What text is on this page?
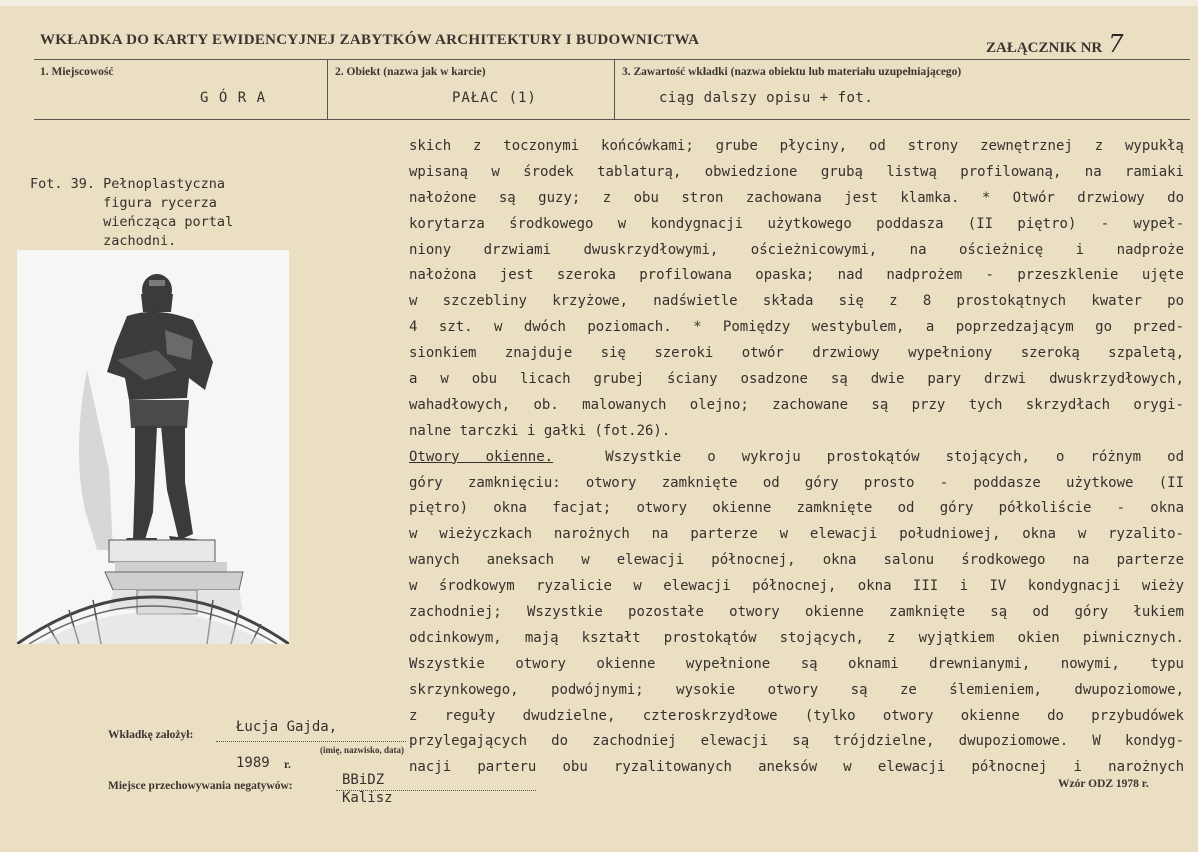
WKŁADKA DO KARTY EWIDENCYJNEJ ZABYTKÓW ARCHITEKTURY I BUDOWNICTWA	ZAŁĄCZNIK NR 7
1. Miejscowość
G Ó R A
2. Obiekt (nazwa jak w karcie)
PAŁAC (1)
3. Zawartość wkładki (nazwa obiektu lub materiału uzupełniającego)
ciąg dalszy opisu + fot.
Fot. 39. Pełnoplastyczna
figura rycerza
wieńcząca portal
zachodni.
skich z toczonymi końcówkami; grube płyciny, od strony zewnętrznej z wypukłą
wpisaną w środek tablaturą, obwiedzione grubą listwą profilowaną, na ramiaki
nałożone są guzy; z obu stron zachowana jest klamka. * Otwór drzwiowy do
korytarza środkowego w kondygnacji użytkowego poddasza (II piętro) - wypeł-
niony drzwiami dwuskrzydłowymi, ościeżnicowymi, na ościeżnicę i nadproże
nałożona jest szeroka profilowana opaska; nad nadprożem - przeszklenie ujęte
w szczebliny krzyżowe, nadświetle składa się z 8 prostokątnych kwater po
4 szt. w dwóch poziomach. * Pomiędzy westybulem, a poprzedzającym go przed-
sionkiem znajduje się szeroki otwór drzwiowy wypełniony szeroką szpaletą,
a w obu licach grubej ściany osadzone są dwie pary drzwi dwuskrzydłowych,
wahadłowych, ob. malowanych olejno; zachowane są przy tych skrzydłach orygi-
nalne tarczki i gałki (fot.26).
Otwory okienne.	Wszystkie o wykroju prostokątów stojących, o różnym od
góry zamknięciu: otwory zamknięte od góry prosto - poddasze użytkowe (II
piętro) okna facjat; otwory okienne zamknięte od góry półkoliście - okna
w wieżyczkach narożnych na parterze w elewacji południowej, okna w ryzalito-
wanych aneksach w elewacji północnej, okna salonu środkowego na parterze
w środkowym ryzalicie w elewacji północnej, okna III i IV kondygnacji wieży
zachodniej; Wszystkie pozostałe otwory okienne zamknięte są od góry łukiem
odcinkowym, mają kształt prostokątów stojących, z wyjątkiem okien piwnicznych.
Wszystkie otwory okienne wypełnione są oknami drewnianymi, nowymi, typu
skrzynkowego, podwójnymi; wysokie otwory są ze ślemieniem, dwupoziomowe,
z reguły dwudzielne, czteroskrzydłowe (tylko otwory okienne do przybudówek
przylegających do zachodniej elewacji są trójdzielne, dwupoziomowe. W kondyg-
nacji parteru obu ryzalitowanych aneksów w elewacji północnej i narożnych
Wkładkę założył:	Łucja Gajda,
(imię, nazwisko, data)
1989 r.
Miejsce przechowywania negatywów:	BBiDZ
Kalisz
Wzór ODZ 1978 r.
